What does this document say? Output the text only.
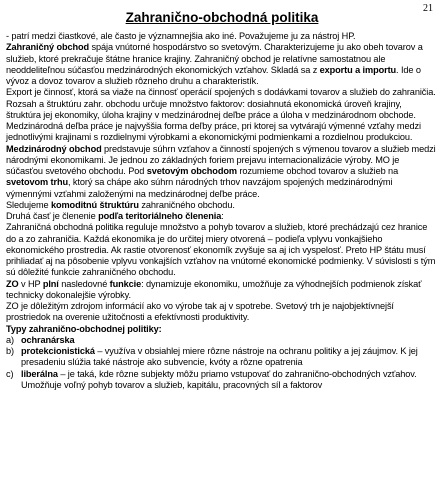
21
Zahranično-obchodná politika

- patrí medzi čiastkové, ale často je významnejšia ako iné. Považujeme ju za nástroj HP.

Zahraničný obchod spája vnútorné hospodárstvo so svetovým. Charakterizujeme ju ako obeh tovarov a služieb, ktoré prekračuje štátne hranice krajiny. Zahraničný obchod je relatívne samostatnou ale neoddeliteľnou súčasťou medzinárodných ekonomických vzťahov. Skladá sa z exportu a importu. Ide o vývoz a dovoz tovarov a služieb rôzneho druhu a charakteristík.

Export je činnosť, ktorá sa viaže na činnosť operácií spojených s dodávkami tovarov a služieb do zahraničia. Rozsah a štruktúru zahr. obchodu určuje množstvo faktorov: dosiahnutá ekonomická úroveň krajiny, štruktúra jej ekonomiky, úloha krajiny v medzinárodnej deľbe práce a úloha v medzinárodnom obchode.

Medzinárodná deľba práce je najvyššia forma deľby práce, pri ktorej sa vytvárajú výmenné vzťahy medzi jednotlivými krajinami s rozdielnymi výrobkami a ekonomickými podmienkami a rozdielnou produkciou.

Medzinárodný obchod predstavuje súhrn vzťahov a činností spojených s výmenou tovarov a služieb medzi národnými ekonomikami. Je jednou zo základných foriem prejavu internacionalizácie výroby. MO je súčasťou svetového obchodu. Pod svetovým obchodom rozumieme obchod tovarov a služieb na svetovom trhu, ktorý sa chápe ako súhrn národných trhov navzájom spojených medzinárodnými výmennými vzťahmi založenými na medzinárodnej deľbe práce.

Sledujeme komoditnú štruktúru zahraničného obchodu.

Druhá časť je členenie podľa teritoriálneho členenia:

Zahraničná obchodná politika reguluje množstvo a pohyb tovarov a služieb, ktoré prechádzajú cez hranice do a zo zahraničia. Každá ekonomika je do určitej miery otvorená – podieľa vplyvu vonkajšieho ekonomického prostredia. Ak rastie otvorenosť ekonomík zvyšuje sa aj ich vyspelosť. Preto HP štátu musí prihliadať aj na pôsobenie vplyvu vonkajších vzťahov na vnútorné ekonomické podmienky. V súvislosti s tým sú dôležité funkcie zahraničného obchodu.

ZO v HP plní nasledovné funkcie: dynamizuje ekonomiku, umožňuje za výhodnejších podmienok získať technicky dokonalejšie výrobky.

ZO je dôležitým zdrojom informácií ako vo výrobe tak aj v spotrebe. Svetový trh je najobjektívnejší prostriedok na overenie užitočnosti a efektívnosti produktivity.

Typy zahranično-obchodnej politiky:

a) ochranárska
b) protekcionistická – využíva v obsiahlej miere rôzne nástroje na ochranu politiky a jej záujmov. K jej presadeniu slúžia také nástroje ako subvencie, kvóty a rôzne opatrenia
c) liberálna – je taká, kde rôzne subjekty môžu priamo vstupovať do zahranično-obchodných vzťahov. Umožňuje voľný pohyb tovarov a služieb, kapitálu, pracovných síl a faktorov
